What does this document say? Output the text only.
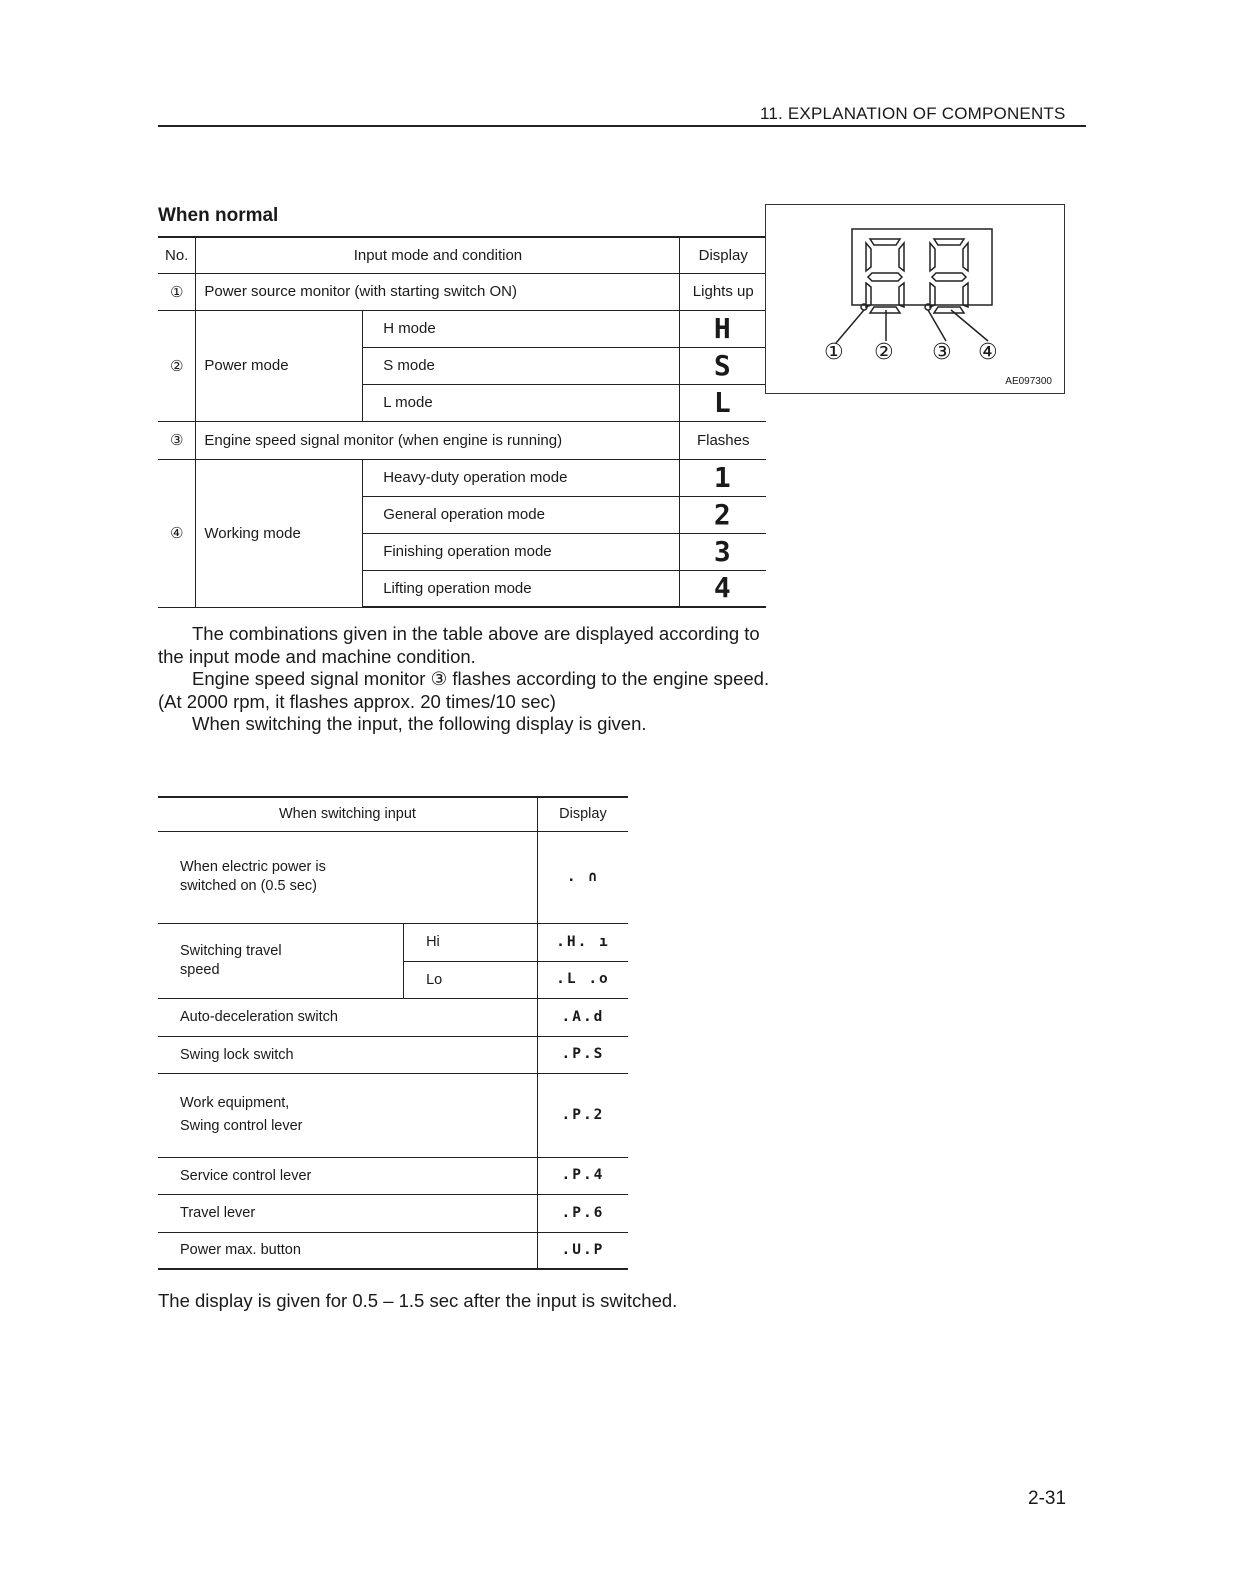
11. EXPLANATION OF COMPONENTS
When normal
No.	Input mode and condition		Display
①	Power source monitor (with starting switch ON)		Lights up
②	Power mode	H mode	H
		S mode	S
		L mode	L
③	Engine speed signal monitor (when engine is running)		Flashes
④	Working mode	Heavy-duty operation mode	1
		General operation mode	2
		Finishing operation mode	3
		Lifting operation mode	4
① ② ③ ④
AE097300

The combinations given in the table above are displayed according to the input mode and machine condition.

Engine speed signal monitor ③ flashes according to the engine speed. (At 2000 rpm, it flashes approx. 20 times/10 sec)

When switching the input, the following display is given.

When switching input		Display

When electric power is switched on (0.5 sec)		. ∩

Switching travel speed	Hi	.H. ı
	Lo	.L .o
Auto-deceleration switch		.A.d
Swing lock switch		.P.S

Work equipment, Swing control lever		.P.2
Service control lever		.P.4
Travel lever		.P.6
Power max. button		.U.P
The display is given for 0.5 – 1.5 sec after the input is switched.
2-31
